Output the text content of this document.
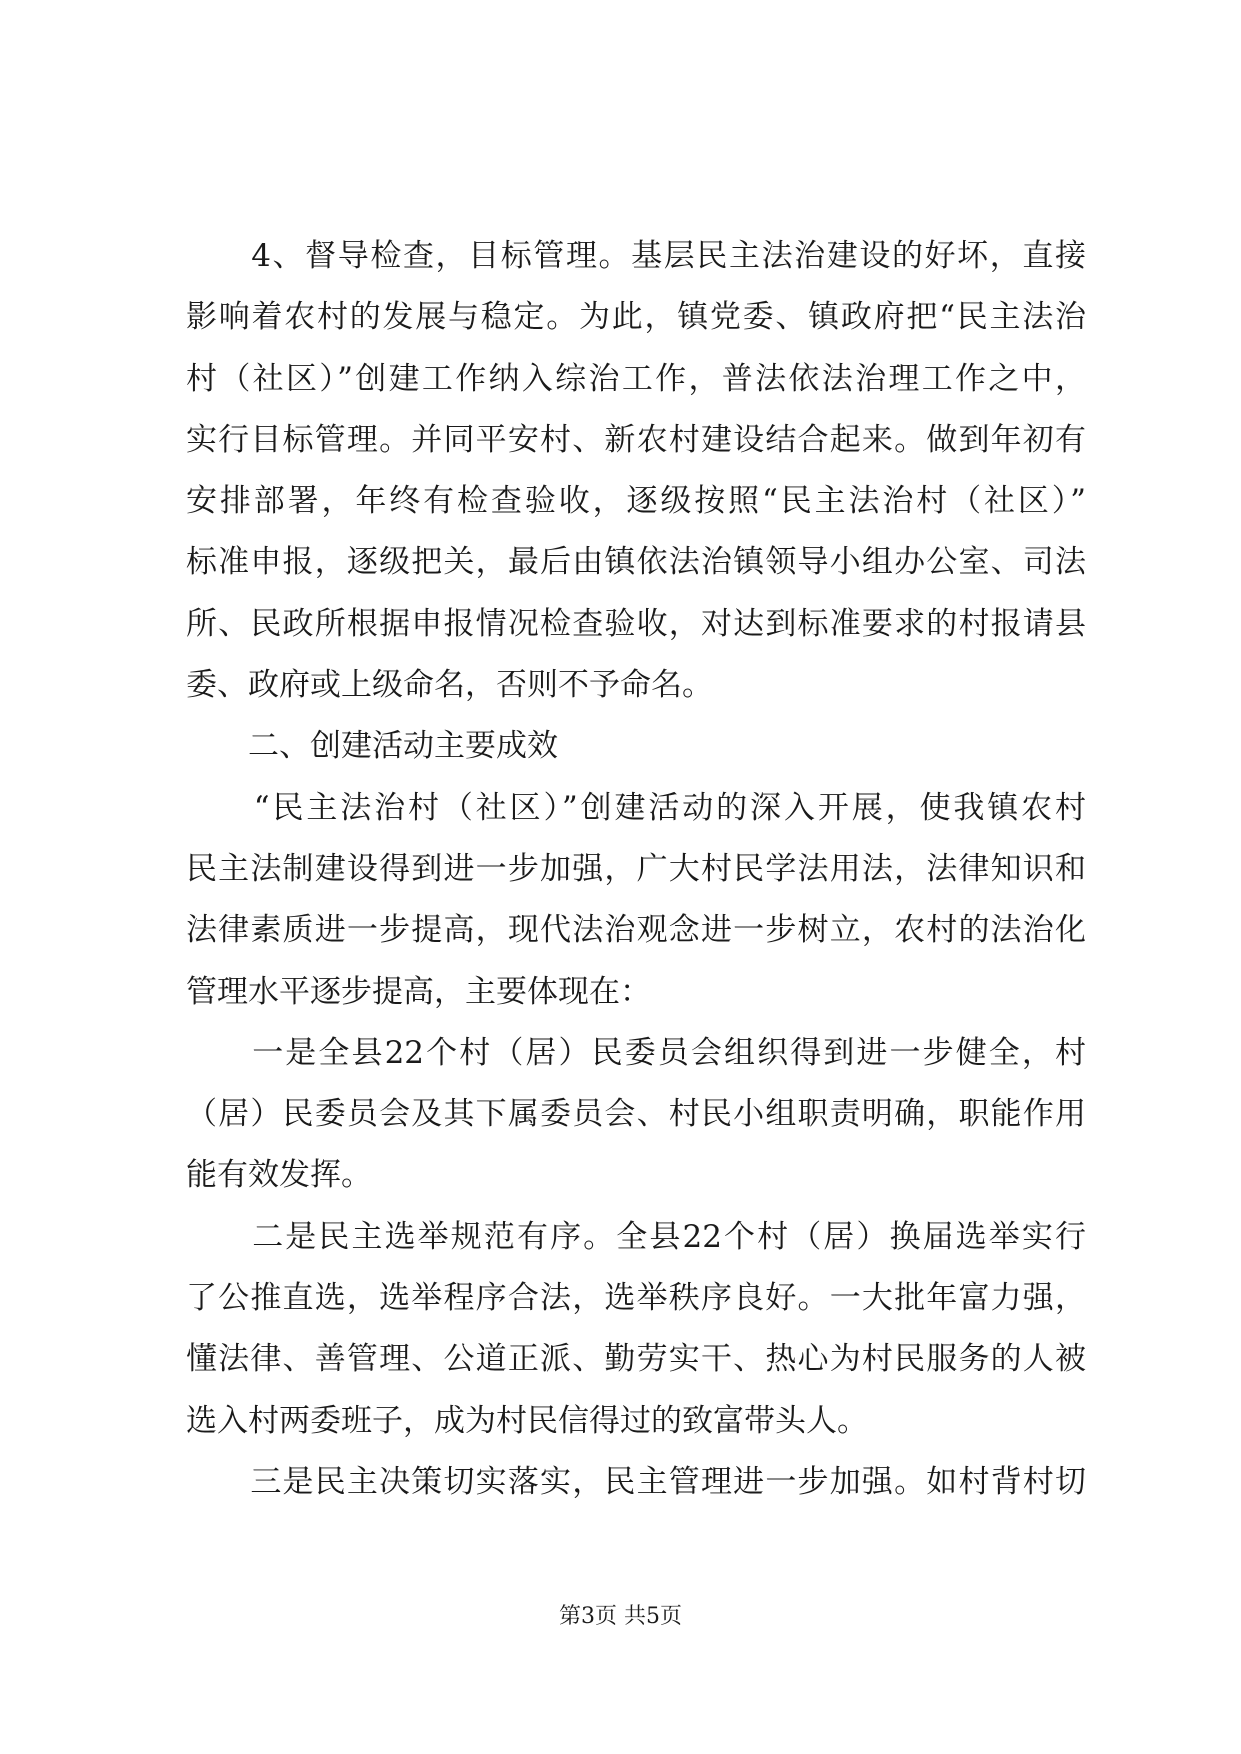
　　4、督导检查，目标管理。基层民主法治建设的好坏，直接
影响着农村的发展与稳定。为此，镇党委、镇政府把“民主法治
村（社区）”创建工作纳入综治工作，普法依法治理工作之中，
实行目标管理。并同平安村、新农村建设结合起来。做到年初有
安排部署，年终有检查验收，逐级按照“民主法治村（社区）”
标准申报，逐级把关，最后由镇依法治镇领导小组办公室、司法
所、民政所根据申报情况检查验收，对达到标准要求的村报请县
委、政府或上级命名，否则不予命名。
　　二、创建活动主要成效
　　“民主法治村（社区）”创建活动的深入开展，使我镇农村
民主法制建设得到进一步加强，广大村民学法用法，法律知识和
法律素质进一步提高，现代法治观念进一步树立，农村的法治化
管理水平逐步提高，主要体现在：
　　一是全县22个村（居）民委员会组织得到进一步健全，村
（居）民委员会及其下属委员会、村民小组职责明确，职能作用
能有效发挥。
　　二是民主选举规范有序。全县22个村（居）换届选举实行
了公推直选，选举程序合法，选举秩序良好。一大批年富力强，
懂法律、善管理、公道正派、勤劳实干、热心为村民服务的人被
选入村两委班子，成为村民信得过的致富带头人。
　　三是民主决策切实落实，民主管理进一步加强。如村背村切
第3页 共5页
